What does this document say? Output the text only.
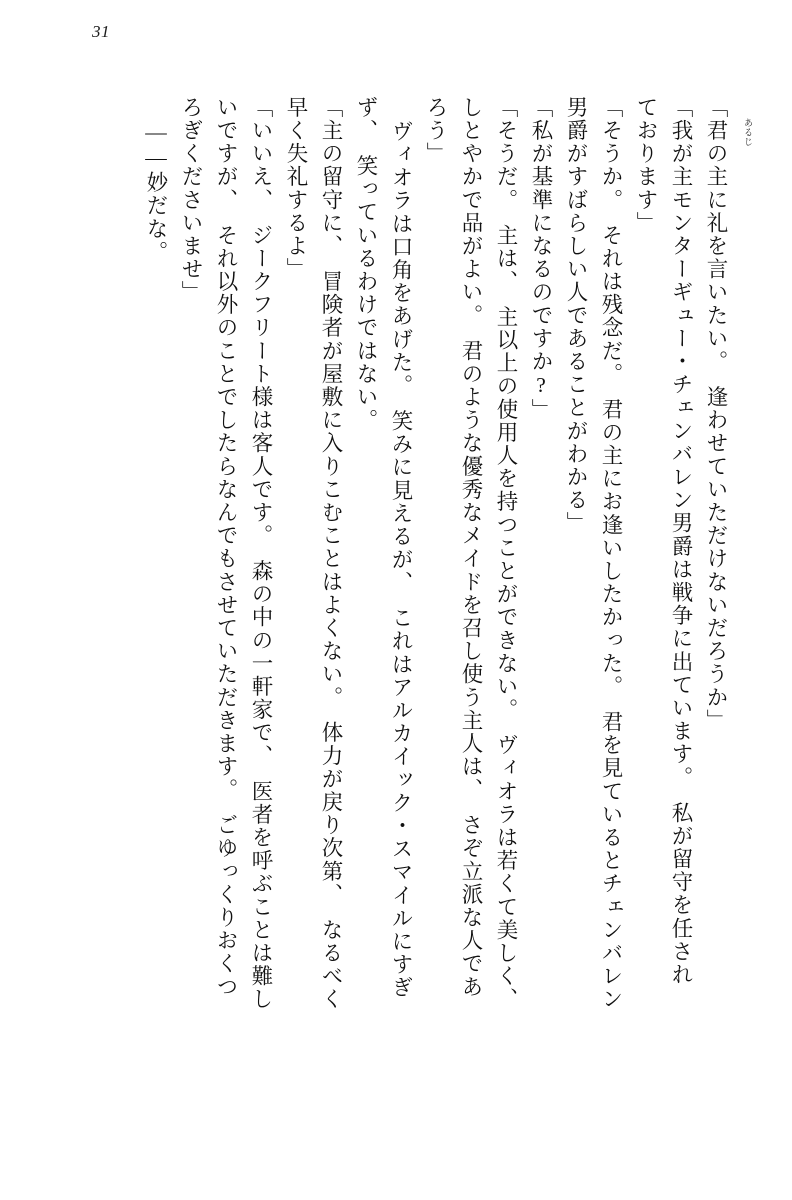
31
「君の主に礼を言いたい。　逢わせていただけないだろうか」
「我が主モンターギュー・チェンバレン男爵は戦争に出ています。　私が留守を任され
ております」
「そうか。　それは残念だ。　君の主にお逢いしたかった。　君を見ているとチェンバレン
男爵がすばらしい人であることがわかる」
「私が基準になるのですか?」
「そうだ。　主は、　主以上の使用人を持つことができない。　ヴィオラは若くて美しく、
しとやかで品がよい。　君のような優秀なメイドを召し使う主人は、　さぞ立派な人であ
ろう」
ヴィオラは口角をあげた。　笑みに見えるが、　これはアルカイック・スマイルにすぎ
ず、　笑っているわけではない。
「主の留守に、　冒険者が屋敷に入りこむことはよくない。　体力が戻り次第、　なるべく
早く失礼するよ」
「いいえ、　ジークフリート様は客人です。　森の中の一軒家で、　医者を呼ぶことは難し
いですが、　それ以外のことでしたらなんでもさせていただきます。　ごゆっくりおくつ
ろぎくださいませ」
――妙だな。	あるじ
